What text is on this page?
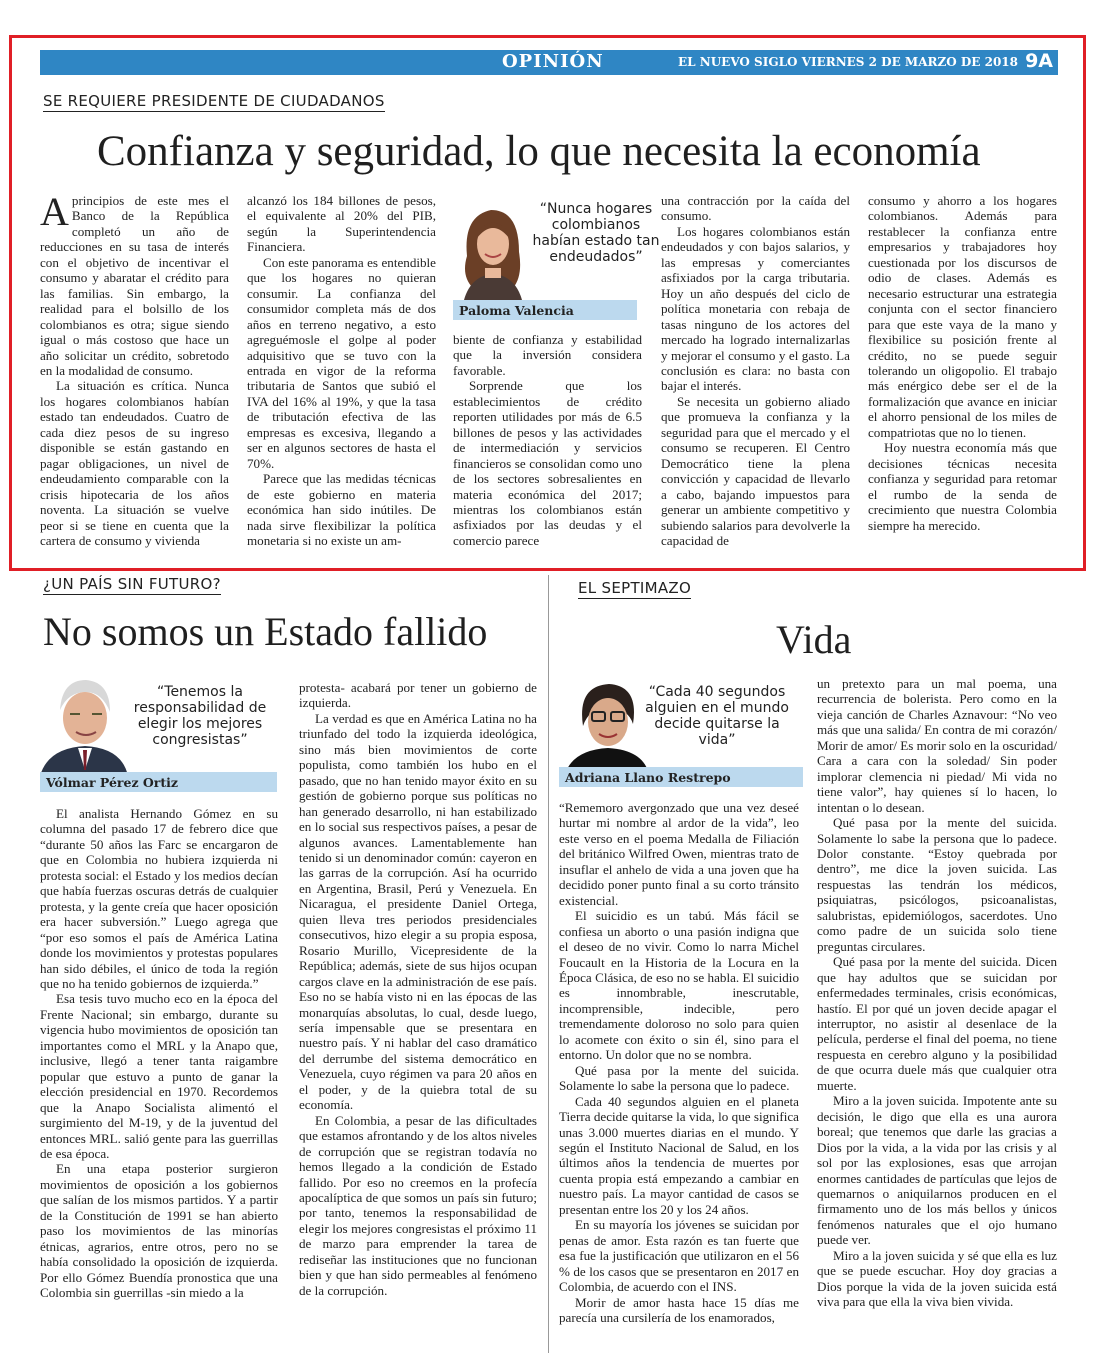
OPINIÓN	EL NUEVO SIGLO VIERNES 2 DE MARZO DE 2018 9A
SE REQUIERE PRESIDENTE DE CIUDADANOS
Confianza y seguridad, lo que necesita la economía

Aprincipios de este mes el Banco de la República completó un año de reducciones en su tasa de interés con el objetivo de incentivar el consumo y abaratar el crédito para las familias. Sin embargo, la realidad para el bolsillo de los colombianos es otra; sigue siendo igual o más costoso que hace un año solicitar un crédito, sobretodo en la modalidad de consumo.

La situación es crítica. Nunca los hogares colombianos habían estado tan endeudados. Cuatro de cada diez pesos de su ingreso disponible se están gastando en pagar obligaciones, un nivel de endeudamiento comparable con la crisis hipotecaria de los años noventa. La situación se vuelve peor si se tiene en cuenta que la cartera de consumo y vivienda

alcanzó los 184 billones de pesos, el equivalente al 20% del PIB, según la Superintendencia Financiera.

Con este panorama es entendible que los hogares no quieran consumir. La confianza del consumidor completa más de dos años en terreno negativo, a esto agreguémosle el golpe al poder adquisitivo que se tuvo con la entrada en vigor de la reforma tributaria de Santos que subió el IVA del 16% al 19%, y que la tasa de tributación efectiva de las empresas es excesiva, llegando a ser en algunos sectores de hasta el 70%.

Parece que las medidas técnicas de este gobierno en materia económica han sido inútiles. De nada sirve flexibilizar la política monetaria si no existe un am-

“Nunca hogares colombianos habían estado tan endeudados”
Paloma Valencia

biente de confianza y estabilidad que la inversión considera favorable.

Sorprende que los establecimientos de crédito reporten utilidades por más de 6.5 billones de pesos y las actividades de intermediación y servicios financieros se consolidan como uno de los sectores sobresalientes en materia económica del 2017; mientras los colombianos están asfixiados por las deudas y el comercio parece

una contracción por la caída del consumo.

Los hogares colombianos están endeudados y con bajos salarios, y las empresas y comerciantes asfixiados por la carga tributaria. Hoy un año después del ciclo de política monetaria con rebaja de tasas ninguno de los actores del mercado ha logrado internalizarlas y mejorar el consumo y el gasto. La conclusión es clara: no basta con bajar el interés.

Se necesita un gobierno aliado que promueva la confianza y la seguridad para que el mercado y el consumo se recuperen. El Centro Democrático tiene la plena convicción y capacidad de llevarlo a cabo, bajando impuestos para generar un ambiente competitivo y subiendo salarios para devolverle la capacidad de

consumo y ahorro a los hogares colombianos. Además para restablecer la confianza entre empresarios y trabajadores hoy cuestionada por los discursos de odio de clases. Además es necesario estructurar una estrategia conjunta con el sector financiero para que este vaya de la mano y flexibilice su posición frente al crédito, no se puede seguir tolerando un oligopolio. El trabajo más enérgico debe ser el de la formalización que avance en iniciar el ahorro pensional de los miles de compatriotas que no lo tienen.

Hoy nuestra economía más que decisiones técnicas necesita confianza y seguridad para retomar el rumbo de la senda de crecimiento que nuestra Colombia siempre ha merecido.

¿UN PAÍS SIN FUTURO?
No somos un Estado fallido
“Tenemos la responsabilidad de elegir los mejores congresistas”
Vólmar Pérez Ortiz

El analista Hernando Gómez en su columna del pasado 17 de febrero dice que “durante 50 años las Farc se encargaron de que en Colombia no hubiera izquierda ni protesta social: el Estado y los medios decían que había fuerzas oscuras detrás de cualquier protesta, y la gente creía que hacer oposición era hacer subversión.” Luego agrega que “por eso somos el país de América Latina donde los movimientos y protestas populares han sido débiles, el único de toda la región que no ha tenido gobiernos de izquierda.”

Esa tesis tuvo mucho eco en la época del Frente Nacional; sin embargo, durante su vigencia hubo movimientos de oposición tan importantes como el MRL y la Anapo que, inclusive, llegó a tener tanta raigambre popular que estuvo a punto de ganar la elección presidencial en 1970. Recordemos que la Anapo Socialista alimentó el surgimiento del M-19, y de la juventud del entonces MRL. salió gente para las guerrillas de esa época.

En una etapa posterior surgieron movimientos de oposición a los gobiernos que salían de los mismos partidos. Y a partir de la Constitución de 1991 se han abierto paso los movimientos de las minorías étnicas, agrarios, entre otros, pero no se había consolidado la oposición de izquierda. Por ello Gómez Buendía pronostica que una Colombia sin guerrillas -sin miedo a la

protesta- acabará por tener un gobierno de izquierda.

La verdad es que en América Latina no ha triunfado del todo la izquierda ideológica, sino más bien movimientos de corte populista, como también los hubo en el pasado, que no han tenido mayor éxito en su gestión de gobierno porque sus políticas no han generado desarrollo, ni han estabilizado en lo social sus respectivos países, a pesar de algunos avances. Lamentablemente han tenido si un denominador común: cayeron en las garras de la corrupción. Así ha ocurrido en Argentina, Brasil, Perú y Venezuela. En Nicaragua, el presidente Daniel Ortega, quien lleva tres periodos presidenciales consecutivos, hizo elegir a su propia esposa, Rosario Murillo, Vicepresidente de la República; además, siete de sus hijos ocupan cargos clave en la administración de ese país. Eso no se había visto ni en las épocas de las monarquías absolutas, lo cual, desde luego, sería impensable que se presentara en nuestro país. Y ni hablar del caso dramático del derrumbe del sistema democrático en Venezuela, cuyo régimen va para 20 años en el poder, y de la quiebra total de su economía.

En Colombia, a pesar de las dificultades que estamos afrontando y de los altos niveles de corrupción que se registran todavía no hemos llegado a la condición de Estado fallido. Por eso no creemos en la profecía apocalíptica de que somos un país sin futuro; por tanto, tenemos la responsabilidad de elegir los mejores congresistas el próximo 11 de marzo para emprender la tarea de rediseñar las instituciones que no funcionan bien y que han sido permeables al fenómeno de la corrupción.

EL SEPTIMAZO
Vida
“Cada 40 segundos alguien en el mundo decide quitarse la vida”
Adriana Llano Restrepo

“Rememoro avergonzado que una vez deseé hurtar mi nombre al ardor de la vida”, leo este verso en el poema Medalla de Filiación del británico Wilfred Owen, mientras trato de insuflar el anhelo de vida a una joven que ha decidido poner punto final a su corto tránsito existencial.

El suicidio es un tabú. Más fácil se confiesa un aborto o una pasión indigna que el deseo de no vivir. Como lo narra Michel Foucault en la Historia de la Locura en la Época Clásica, de eso no se habla. El suicidio es innombrable, inescrutable, incomprensible, indecible, pero tremendamente doloroso no solo para quien lo acomete con éxito o sin él, sino para el entorno. Un dolor que no se nombra.

Qué pasa por la mente del suicida. Solamente lo sabe la persona que lo padece.

Cada 40 segundos alguien en el planeta Tierra decide quitarse la vida, lo que significa unas 3.000 muertes diarias en el mundo. Y según el Instituto Nacional de Salud, en los últimos años la tendencia de muertes por cuenta propia está empezando a cambiar en nuestro país. La mayor cantidad de casos se presentan entre los 20 y los 24 años.

En su mayoría los jóvenes se suicidan por penas de amor. Esta razón es tan fuerte que esa fue la justificación que utilizaron en el 56 % de los casos que se presentaron en 2017 en Colombia, de acuerdo con el INS.

Morir de amor hasta hace 15 días me parecía una cursilería de los enamorados,

un pretexto para un mal poema, una recurrencia de bolerista. Pero como en la vieja canción de Charles Aznavour: “No veo más que una salida/ En contra de mi corazón/ Morir de amor/ Es morir solo en la oscuridad/ Cara a cara con la soledad/ Sin poder implorar clemencia ni piedad/ Mi vida no tiene valor”, hay quienes sí lo hacen, lo intentan o lo desean.

Qué pasa por la mente del suicida. Solamente lo sabe la persona que lo padece. Dolor constante. “Estoy quebrada por dentro”, me dice la joven suicida. Las respuestas las tendrán los médicos, psiquiatras, psicólogos, psicoanalistas, salubristas, epidemiólogos, sacerdotes. Uno como padre de un suicida solo tiene preguntas circulares.

Qué pasa por la mente del suicida. Dicen que hay adultos que se suicidan por enfermedades terminales, crisis económicas, hastío. El por qué un joven decide apagar el interruptor, no asistir al desenlace de la película, perderse el final del poema, no tiene respuesta en cerebro alguno y la posibilidad de que ocurra duele más que cualquier otra muerte.

Miro a la joven suicida. Impotente ante su decisión, le digo que ella es una aurora boreal; que tenemos que darle las gracias a Dios por la vida, a la vida por las crisis y al sol por las explosiones, esas que arrojan enormes cantidades de partículas que lejos de quemarnos o aniquilarnos producen en el firmamento uno de los más bellos y únicos fenómenos naturales que el ojo humano puede ver.

Miro a la joven suicida y sé que ella es luz que se puede escuchar. Hoy doy gracias a Dios porque la vida de la joven suicida está viva para que ella la viva bien vivida.
